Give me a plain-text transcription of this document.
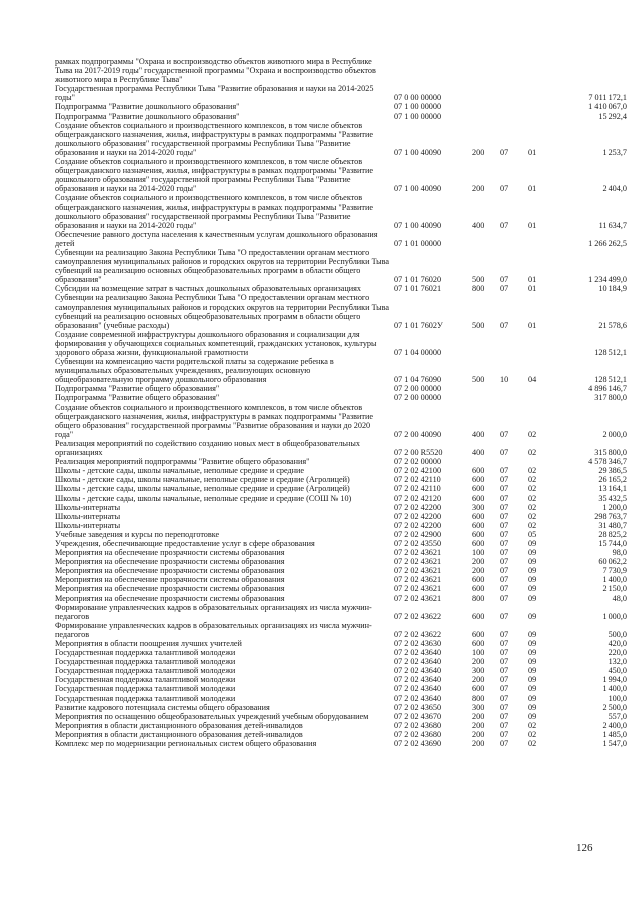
рамках подпрограммы "Охрана и воспроизводство объектов животного мира в Республике Тыва на 2017-2019 годы" государственной программы "Охрана и воспроизводство объектов животного мира в Республике Тыва"					
Государственная программа Республики Тыва "Развитие образования и науки на 2014-2025 годы"	07 0 00 00000				7 011 172,1
Подпрограмма "Развитие дошкольного образования"	07 1 00 00000				1 410 067,0
Подпрограмма "Развитие дошкольного образования"	07 1 00 00000				15 292,4
Создание объектов социального и производственного комплексов, в том числе объектов общегражданского назначения, жилья, инфраструктуры в рамках подпрограммы "Развитие дошкольного образования" государственной программы Республики Тыва "Развитие образования и науки на 2014-2020 годы"	07 1 00 40090	200	07	01	1 253,7
Создание объектов социального и производственного комплексов, в том числе объектов общегражданского назначения, жилья, инфраструктуры в рамках подпрограммы "Развитие дошкольного образования" государственной программы Республики Тыва "Развитие образования и науки на 2014-2020 годы"	07 1 00 40090	200	07	01	2 404,0
Создание объектов социального и производственного комплексов, в том числе объектов общегражданского назначения, жилья, инфраструктуры в рамках подпрограммы "Развитие дошкольного образования" государственной программы Республики Тыва "Развитие образования и науки на 2014-2020 годы"	07 1 00 40090	400	07	01	11 634,7
Обеспечение равного доступа населения к качественным услугам дошкольного образования детей	07 1 01 00000				1 266 262,5
Субвенции на реализацию Закона Республики Тыва "О предоставлении органам местного самоуправления муниципальных районов и городских округов на территории Республики Тыва субвенций на реализацию основных общеобразовательных программ в области общего образования"	07 1 01 76020	500	07	01	1 234 499,0
Субсидии на возмещение затрат в частных дошкольных образовательных организациях	07 1 01 76021	800	07	01	10 184,9
Субвенции на реализацию Закона Республики Тыва "О предоставлении органам местного самоуправления муниципальных районов и городских округов на территории Республики Тыва субвенций на реализацию основных общеобразовательных программ в области общего образования" (учебные расходы)	07 1 01 7602У	500	07	01	21 578,6
Создание современной инфраструктуры дошкольного образования и социализации для формирования у обучающихся социальных компетенций, гражданских установок, культуры здорового образа жизни, функциональной грамотности	07 1 04 00000				128 512,1
Субвенции на компенсацию части родительской платы за содержание ребенка в муниципальных образовательных учреждениях, реализующих основную общеобразовательную программу дошкольного образования	07 1 04 76090	500	10	04	128 512,1
Подпрограмма "Развитие общего образования"	07 2 00 00000				4 896 146,7
Подпрограмма "Развитие общего образования"	07 2 00 00000				317 800,0
Создание объектов социального и производственного комплексов, в том числе объектов общегражданского назначения, жилья, инфраструктуры в рамках подпрограммы "Развитие общего образования" государственной программы "Развитие образования и науки до 2020 года"	07 2 00 40090	400	07	02	2 000,0
Реализация мероприятий по содействию созданию новых мест в общеобразовательных организациях	07 2 00 R5520	400	07	02	315 800,0
Реализация мероприятий подпрограммы "Развитие общего образования"	07 2 02 00000				4 578 346,7
Школы - детские сады, школы начальные, неполные средние и средние	07 2 02 42100	600	07	02	29 386,5
Школы - детские сады, школы начальные, неполные средние и средние (Агролицей)	07 2 02 42110	600	07	02	26 165,2
Школы - детские сады, школы начальные, неполные средние и средние (Агролицей)	07 2 02 42110	600	07	02	13 164,1
Школы - детские сады, школы начальные, неполные средние и средние (СОШ № 10)	07 2 02 42120	600	07	02	35 432,5
Школы-интернаты	07 2 02 42200	300	07	02	1 200,0
Школы-интернаты	07 2 02 42200	600	07	02	298 763,7
Школы-интернаты	07 2 02 42200	600	07	02	31 480,7
Учебные заведения и курсы по переподготовке	07 2 02 42900	600	07	05	28 825,2
Учреждения, обеспечивающие предоставление услуг в сфере образования	07 2 02 43550	600	07	09	15 744,0
Мероприятия на обеспечение прозрачности системы образования	07 2 02 43621	100	07	09	98,0
Мероприятия на обеспечение прозрачности системы образования	07 2 02 43621	200	07	09	60 062,2
Мероприятия на обеспечение прозрачности системы образования	07 2 02 43621	200	07	09	7 730,9
Мероприятия на обеспечение прозрачности системы образования	07 2 02 43621	600	07	09	1 400,0
Мероприятия на обеспечение прозрачности системы образования	07 2 02 43621	600	07	09	2 150,0
Мероприятия на обеспечение прозрачности системы образования	07 2 02 43621	800	07	09	48,0
Формирование управленческих кадров в образовательных организациях из числа мужчин-педагогов	07 2 02 43622	600	07	09	1 000,0
Формирование управленческих кадров в образовательных организациях из числа мужчин-педагогов	07 2 02 43622	600	07	09	500,0
Мероприятия в области поощрения лучших учителей	07 2 02 43630	600	07	09	420,0
Государственная поддержка талантливой молодежи	07 2 02 43640	100	07	09	220,0
Государственная поддержка талантливой молодежи	07 2 02 43640	200	07	09	132,0
Государственная поддержка талантливой молодежи	07 2 02 43640	300	07	09	450,0
Государственная поддержка талантливой молодежи	07 2 02 43640	200	07	09	1 994,0
Государственная поддержка талантливой молодежи	07 2 02 43640	600	07	09	1 400,0
Государственная поддержка талантливой молодежи	07 2 02 43640	800	07	09	100,0
Развитие кадрового потенциала системы общего образования	07 2 02 43650	300	07	09	2 500,0
Мероприятия по оснащению общеобразовательных учреждений учебным оборудованием	07 2 02 43670	200	07	09	557,0
Мероприятия в области дистанционного образования детей-инвалидов	07 2 02 43680	200	07	02	2 400,0
Мероприятия в области дистанционного образования детей-инвалидов	07 2 02 43680	200	07	02	1 485,0
Комплекс мер по модернизации региональных систем общего образования	07 2 02 43690	200	07	02	1 547,0
126
